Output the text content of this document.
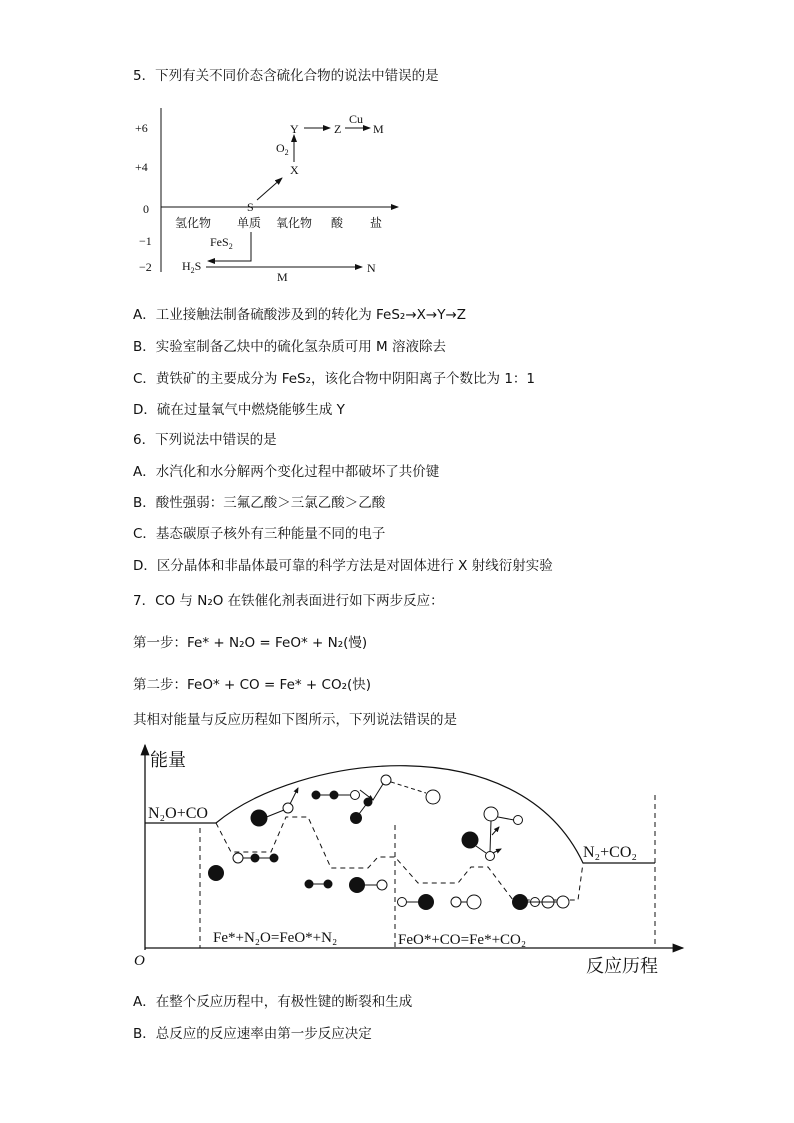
5．下列有关不同价态含硫化合物的说法中错误的是
+6
+4
0
−1
−2
氢化物 单质 氧化物 酸 盐
S
X
$O_2$
Y	Z
Cu
M
FeS$_2$
$H_2S$
M
N
A．工业接触法制备硫酸涉及到的转化为 FeS₂→X→Y→Z
B．实验室制备乙炔中的硫化氢杂质可用 M 溶液除去
C．黄铁矿的主要成分为 FeS₂，该化合物中阴阳离子个数比为 1：1
D．硫在过量氧气中燃烧能够生成 Y
6．下列说法中错误的是
A．水汽化和水分解两个变化过程中都破坏了共价键
B．酸性强弱：三氟乙酸＞三氯乙酸＞乙酸
C．基态碳原子核外有三种能量不同的电子
D．区分晶体和非晶体最可靠的科学方法是对固体进行 X 射线衍射实验
7．CO 与 N₂O 在铁催化剂表面进行如下两步反应：
第一步：Fe* + N₂O = FeO* + N₂(慢)
第二步：FeO* + CO = Fe* + CO₂(快)
其相对能量与反应历程如下图所示，下列说法错误的是
能量
反应历程
O
N₂O+CO
N₂+CO₂
Fe*+N₂O=FeO*+N₂	FeO*+CO=Fe*+CO₂
A．在整个反应历程中，有极性键的断裂和生成
B．总反应的反应速率由第一步反应决定
